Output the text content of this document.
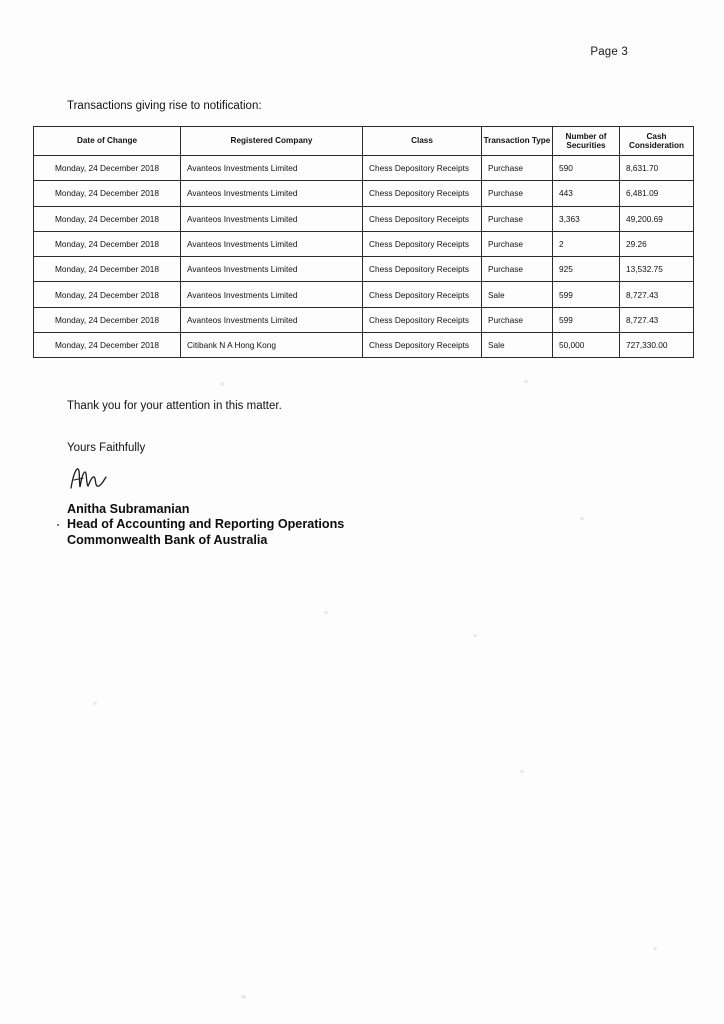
Page 3
Transactions giving rise to notification:
Date of Change	Registered Company	Class	Transaction Type	Number of Securities	Cash Consideration
Monday, 24 December 2018	Avanteos Investments Limited	Chess Depository Receipts	Purchase	590	8,631.70
Monday, 24 December 2018	Avanteos Investments Limited	Chess Depository Receipts	Purchase	443	6,481.09
Monday, 24 December 2018	Avanteos Investments Limited	Chess Depository Receipts	Purchase	3,363	49,200.69
Monday, 24 December 2018	Avanteos Investments Limited	Chess Depository Receipts	Purchase	2	29.26
Monday, 24 December 2018	Avanteos Investments Limited	Chess Depository Receipts	Purchase	925	13,532.75
Monday, 24 December 2018	Avanteos Investments Limited	Chess Depository Receipts	Sale	599	8,727.43
Monday, 24 December 2018	Avanteos Investments Limited	Chess Depository Receipts	Purchase	599	8,727.43
Monday, 24 December 2018	Citibank N A Hong Kong	Chess Depository Receipts	Sale	50,000	727,330.00
Thank you for your attention in this matter.
Yours Faithfully
Anitha Subramanian
Head of Accounting and Reporting Operations
Commonwealth Bank of Australia
